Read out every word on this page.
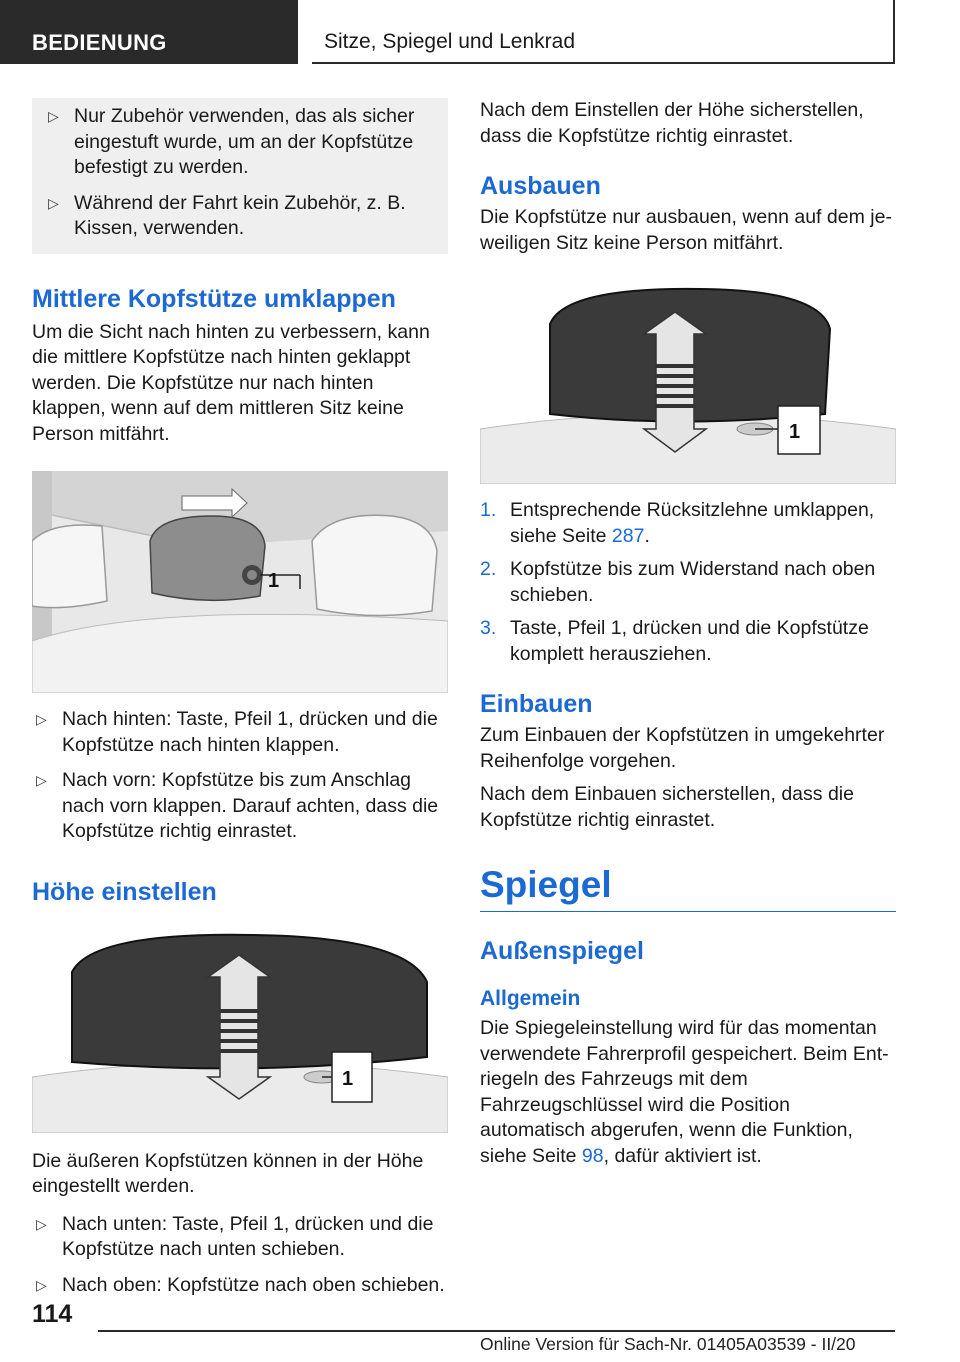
BEDIENUNG	Sitze, Spiegel und Lenkrad
▷ Nur Zubehör verwenden, das als sicher eingestuft wurde, um an der Kopfstütze befestigt zu werden.
▷ Während der Fahrt kein Zubehör, z. B. Kissen, verwenden.
Mittlere Kopfstütze umklappen

Um die Sicht nach hinten zu verbessern, kann die mittlere Kopfstütze nach hinten geklappt werden. Die Kopfstütze nur nach hinten klappen, wenn auf dem mittleren Sitz keine Person mitfährt.

1
▷ Nach hinten: Taste, Pfeil 1, drücken und die Kopfstütze nach hinten klappen.
▷ Nach vorn: Kopfstütze bis zum Anschlag nach vorn klappen. Darauf achten, dass die Kopfstütze richtig einrastet.
Höhe einstellen
1

Die äußeren Kopfstützen können in der Höhe eingestellt werden.

▷ Nach unten: Taste, Pfeil 1, drücken und die Kopfstütze nach unten schieben.
▷ Nach oben: Kopfstütze nach oben schieben.

Nach dem Einstellen der Höhe sicherstellen, dass die Kopfstütze richtig einrastet.

Ausbauen

Die Kopfstütze nur ausbauen, wenn auf dem jeweiligen Sitz keine Person mitfährt.

1
1. Entsprechende Rücksitzlehne umklappen, siehe Seite 287.
2. Kopfstütze bis zum Widerstand nach oben schieben.
3. Taste, Pfeil 1, drücken und die Kopfstütze komplett herausziehen.
Einbauen

Zum Einbauen der Kopfstützen in umgekehrter Reihenfolge vorgehen.

Nach dem Einbauen sicherstellen, dass die Kopfstütze richtig einrastet.

Spiegel
Außenspiegel
Allgemein

Die Spiegeleinstellung wird für das momentan verwendete Fahrerprofil gespeichert. Beim Entriegeln des Fahrzeugs mit dem Fahrzeugschlüssel wird die Position automatisch abgerufen, wenn die Funktion, siehe Seite 98, dafür aktiviert ist.

114
Online Version für Sach-Nr. 01405A03539 - II/20
